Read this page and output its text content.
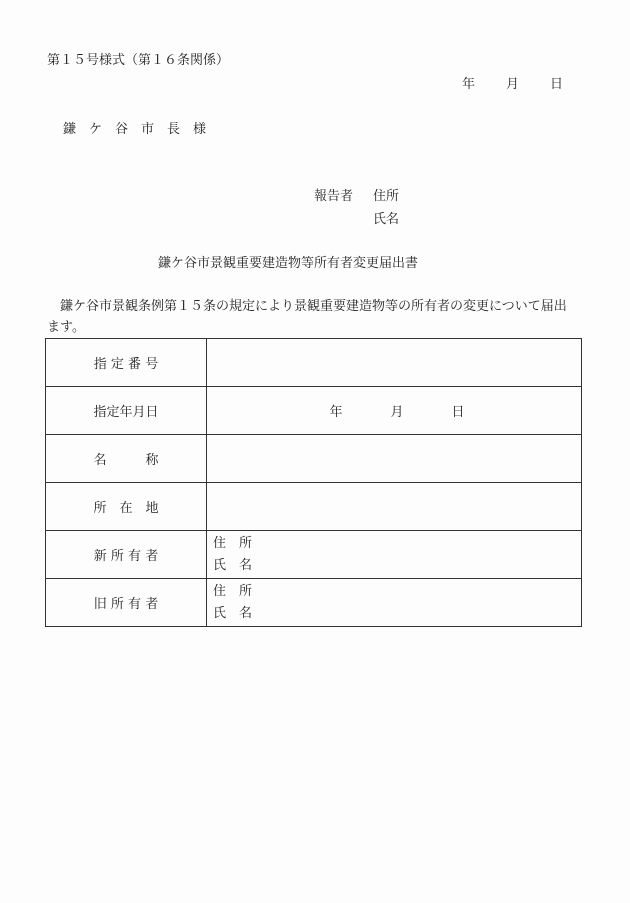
第１５号様式（第１６条関係）
年 月 日
鎌　ケ　谷　市　長　様
報告者 住所
氏名
鎌ケ谷市景観重要建造物等所有者変更届出書
鎌ケ谷市景観条例第１５条の規定により景観重要建造物等の所有者の変更について届出ます。
指 定 番 号	
指定年月日	年 月 日
名　　　称	
所　在　地	
新 所 有 者	住　所
氏　名

旧 所 有 者	住　所
氏　名
